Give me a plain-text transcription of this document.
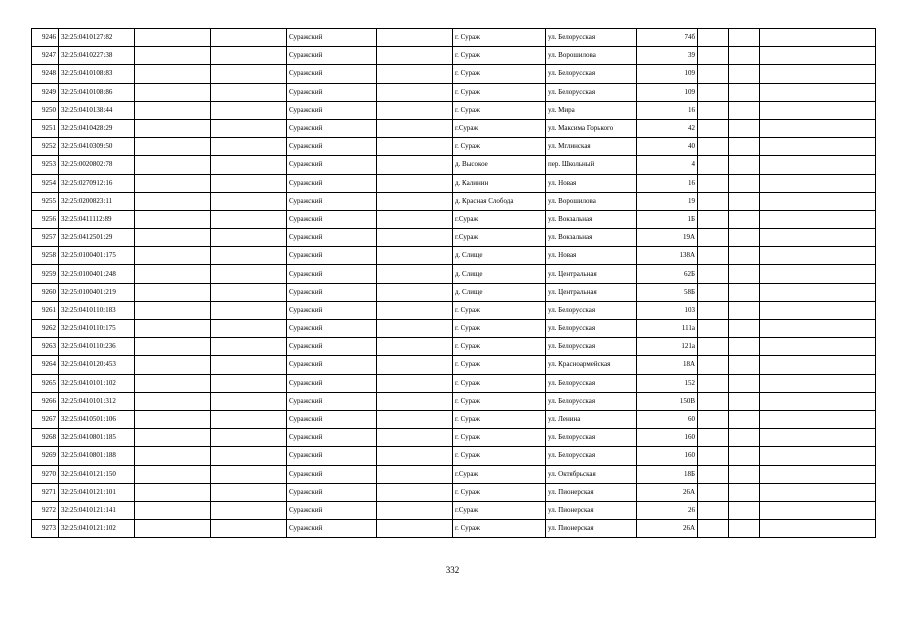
9246	32:25:0410127:82			Суражский		г. Сураж	ул. Белорусская	74б			
9247	32:25:0410227:38			Суражский		г. Сураж	ул. Ворошилова	39			
9248	32:25:0410108:83			Суражский		г. Сураж	ул. Белорусская	109			
9249	32:25:0410108:86			Суражский		г. Сураж	ул. Белорусская	109			
9250	32:25:0410138:44			Суражский		г. Сураж	ул. Мира	16			
9251	32:25:0410428:29			Суражский		г.Сураж	ул. Максима Горького	42			
9252	32:25:0410309:50			Суражский		г. Сураж	ул. Мглинская	40			
9253	32:25:0020802:78			Суражский		д. Высокое	пер. Школьный	4			
9254	32:25:0270912:16			Суражский		д. Калинин	ул. Новая	16			
9255	32:25:0200823:11			Суражский		д. Красная Слобода	ул. Ворошилова	19			
9256	32:25:0411112:89			Суражский		г.Сураж	ул. Вокзальная	1Б			
9257	32:25:0412501:29			Суражский		г.Сураж	ул. Вокзальная	19А			
9258	32:25:0100401:175			Суражский		д. Слище	ул. Новая	138А			
9259	32:25:0100401:248			Суражский		д. Слище	ул. Центральная	62Б			
9260	32:25:0100401:219			Суражский		д. Слище	ул. Центральная	58Б			
9261	32:25:0410110:183			Суражский		г. Сураж	ул. Белорусская	103			
9262	32:25:0410110:175			Суражский		г. Сураж	ул. Белорусская	111а			
9263	32:25:0410110:236			Суражский		г. Сураж	ул. Белорусская	121а			
9264	32:25:0410120:453			Суражский		г. Сураж	ул. Красноармейская	18А			
9265	32:25:0410101:102			Суражский		г. Сураж	ул. Белорусская	152			
9266	32:25:0410101:312			Суражский		г. Сураж	ул. Белорусская	150В			
9267	32:25:0410501:106			Суражский		г. Сураж	ул. Ленина	60			
9268	32:25:0410801:185			Суражский		г. Сураж	ул. Белорусская	160			
9269	32:25:0410801:188			Суражский		г. Сураж	ул. Белорусская	160			
9270	32:25:0410121:150			Суражский		г.Сураж	ул. Октябрьская	18Б			
9271	32:25:0410121:101			Суражский		г. Сураж	ул. Пионерская	26А			
9272	32:25:0410121:141			Суражский		г.Сураж	ул. Пионерская	26			
9273	32:25:0410121:102			Суражский		г. Сураж	ул. Пионерская	26А			
332
